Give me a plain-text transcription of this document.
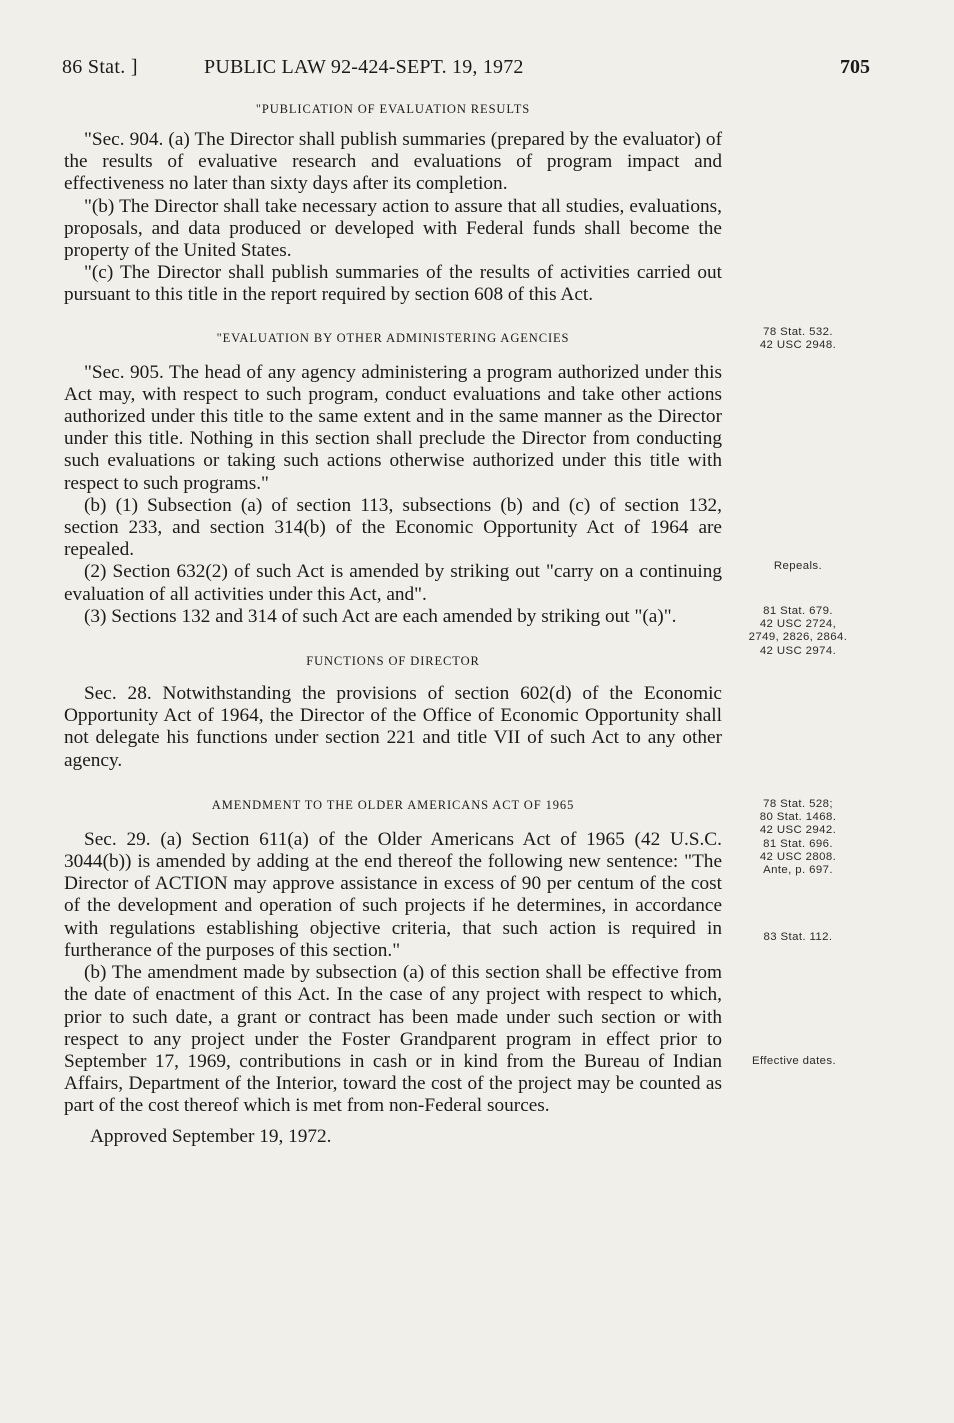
86 Stat. ]	PUBLIC LAW 92-424-SEPT. 19, 1972	705
"PUBLICATION OF EVALUATION RESULTS
"Sec. 904. (a) The Director shall publish summaries (prepared by the evaluator) of the results of evaluative research and evaluations of program impact and effectiveness no later than sixty days after its completion.
"(b) The Director shall take necessary action to assure that all studies, evaluations, proposals, and data produced or developed with Federal funds shall become the property of the United States.
"(c) The Director shall publish summaries of the results of activities carried out pursuant to this title in the report required by section 608 of this Act.
"EVALUATION BY OTHER ADMINISTERING AGENCIES
"Sec. 905. The head of any agency administering a program authorized under this Act may, with respect to such program, conduct evaluations and take other actions authorized under this title to the same extent and in the same manner as the Director under this title. Nothing in this section shall preclude the Director from conducting such evaluations or taking such actions otherwise authorized under this title with respect to such programs."
(b) (1) Subsection (a) of section 113, subsections (b) and (c) of section 132, section 233, and section 314(b) of the Economic Opportunity Act of 1964 are repealed.
(2) Section 632(2) of such Act is amended by striking out "carry on a continuing evaluation of all activities under this Act, and".
(3) Sections 132 and 314 of such Act are each amended by striking out "(a)".
FUNCTIONS OF DIRECTOR
Sec. 28. Notwithstanding the provisions of section 602(d) of the Economic Opportunity Act of 1964, the Director of the Office of Economic Opportunity shall not delegate his functions under section 221 and title VII of such Act to any other agency.
AMENDMENT TO THE OLDER AMERICANS ACT OF 1965
Sec. 29. (a) Section 611(a) of the Older Americans Act of 1965 (42 U.S.C. 3044(b)) is amended by adding at the end thereof the following new sentence: "The Director of ACTION may approve assistance in excess of 90 per centum of the cost of the development and operation of such projects if he determines, in accordance with regulations establishing objective criteria, that such action is required in furtherance of the purposes of this section."
(b) The amendment made by subsection (a) of this section shall be effective from the date of enactment of this Act. In the case of any project with respect to which, prior to such date, a grant or contract has been made under such section or with respect to any project under the Foster Grandparent program in effect prior to September 17, 1969, contributions in cash or in kind from the Bureau of Indian Affairs, Department of the Interior, toward the cost of the project may be counted as part of the cost thereof which is met from non-Federal sources.
Approved September 19, 1972.
78 Stat. 532.
42 USC 2948.
Repeals.
81 Stat. 679.
42 USC 2724,
2749, 2826, 2864.
42 USC 2974.
78 Stat. 528;
80 Stat. 1468.
42 USC 2942.
81 Stat. 696.
42 USC 2808.
Ante, p. 697.
83 Stat. 112.
Effective dates.
